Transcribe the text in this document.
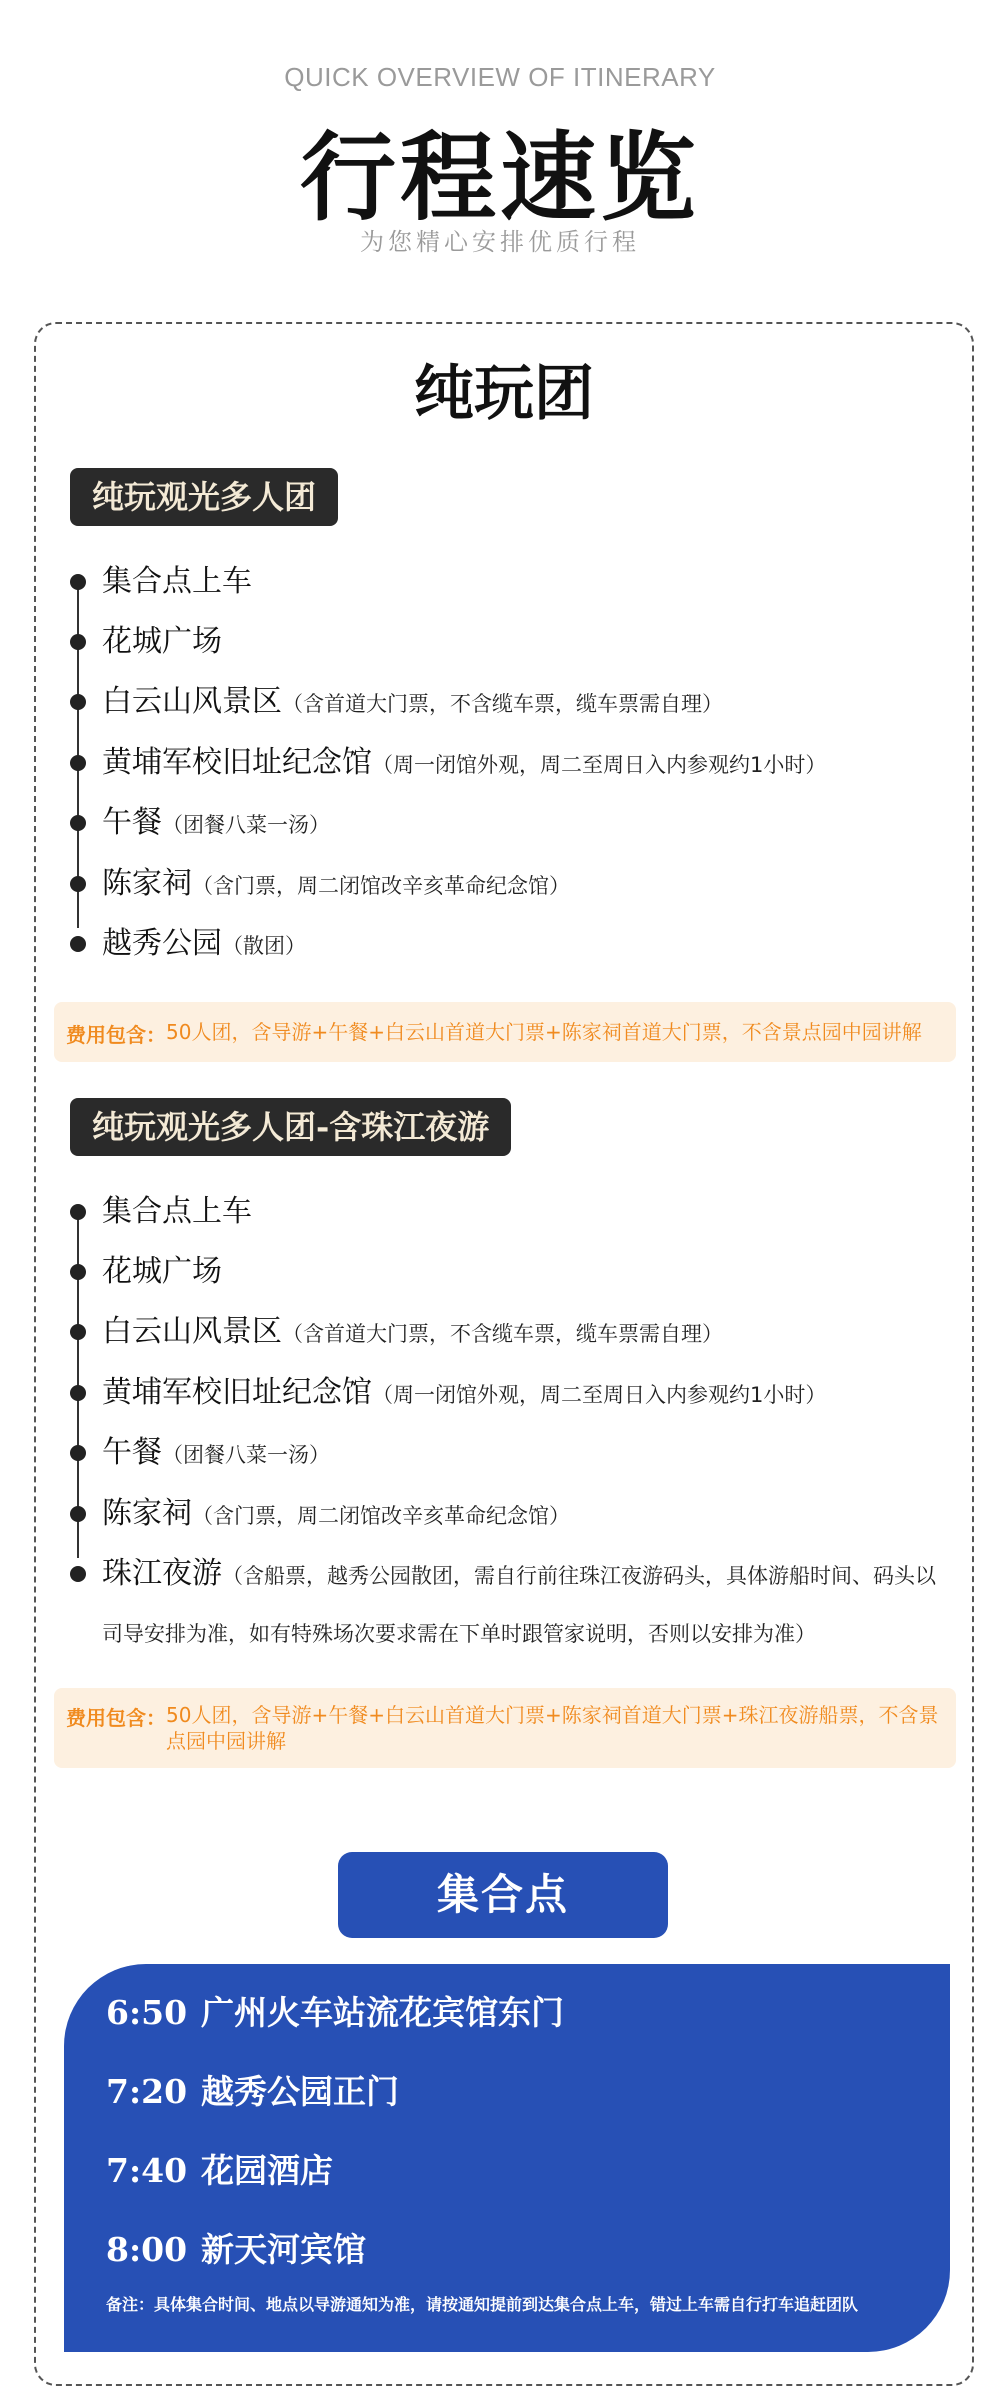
QUICK OVERVIEW OF ITINERARY
行程速览
为您精心安排优质行程
纯玩团
纯玩观光多人团
集合点上车
花城广场
白云山风景区（含首道大门票，不含缆车票，缆车票需自理）
黄埔军校旧址纪念馆（周一闭馆外观，周二至周日入内参观约1小时）
午餐（团餐八菜一汤）
陈家祠（含门票，周二闭馆改辛亥革命纪念馆）
越秀公园（散团）
费用包含： 50人团，含导游+午餐+白云山首道大门票+陈家祠首道大门票，不含景点园中园讲解
纯玩观光多人团-含珠江夜游
集合点上车
花城广场
白云山风景区（含首道大门票，不含缆车票，缆车票需自理）
黄埔军校旧址纪念馆（周一闭馆外观，周二至周日入内参观约1小时）
午餐（团餐八菜一汤）
陈家祠（含门票，周二闭馆改辛亥革命纪念馆）
珠江夜游（含船票，越秀公园散团，需自行前往珠江夜游码头，具体游船时间、码头以司导安排为准，如有特殊场次要求需在下单时跟管家说明，否则以安排为准）
费用包含： 50人团，含导游+午餐+白云山首道大门票+陈家祠首道大门票+珠江夜游船票，不含景点园中园讲解
集合点
6:50 广州火车站流花宾馆东门
7:20 越秀公园正门
7:40 花园酒店
8:00 新天河宾馆
备注：具体集合时间、地点以导游通知为准，请按通知提前到达集合点上车，错过上车需自行打车追赶团队
